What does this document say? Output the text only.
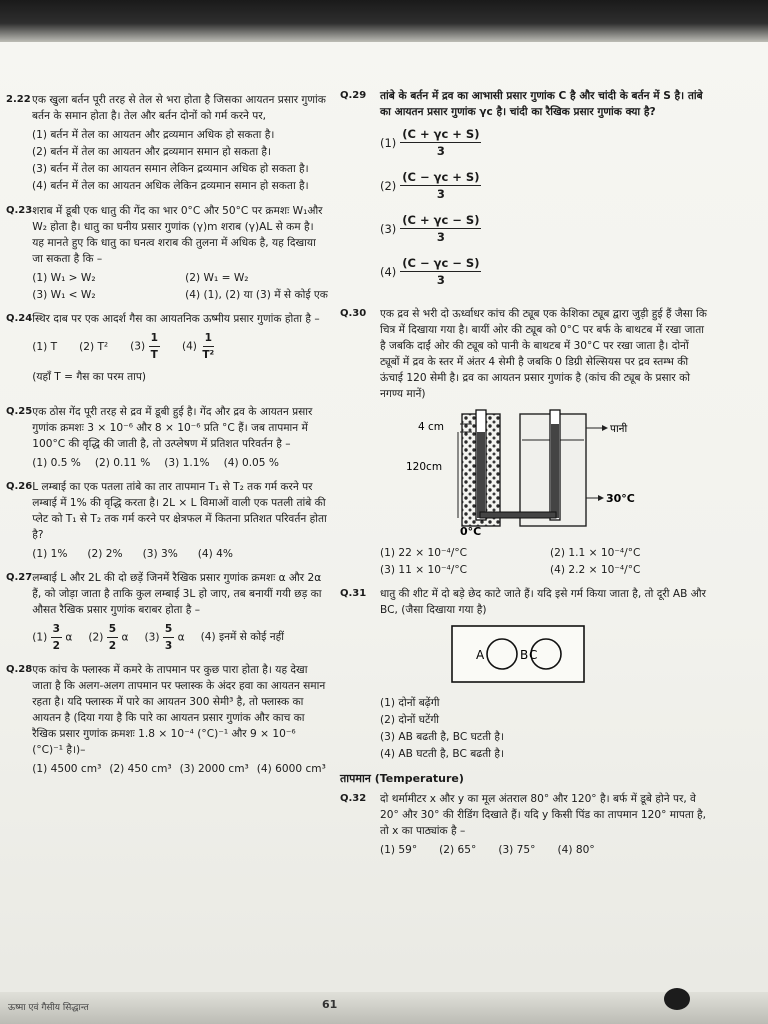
2.22 एक खुला बर्तन पूरी तरह से तेल से भरा होता है जिसका आयतन प्रसार गुणांक बर्तन के समान होता है। तेल और बर्तन दोनों को गर्म करने पर,

(1) बर्तन में तेल का आयतन और द्रव्यमान अधिक हो सकता है।

(2) बर्तन में तेल का आयतन और द्रव्यमान समान हो सकता है।

(3) बर्तन में तेल का आयतन समान लेकिन द्रव्यमान अधिक हो सकता है।

(4) बर्तन में तेल का आयतन अधिक लेकिन द्रव्यमान समान हो सकता है।

Q.23 शराब में डूबी एक धातु की गेंद का भार 0°C और 50°C पर क्रमशः W₁और W₂ होता है। धातु का घनीय प्रसार गुणांक (γ)m शराब (γ)AL से कम है। यह मानते हुए कि धातु का घनत्व शराब की तुलना में अधिक है, यह दिखाया जा सकता है कि –

(1) W₁ > W₂	(2) W₁ = W₂
(3) W₁ < W₂	(4) (1), (2) या (3) में से कोई एक
Q.24 स्थिर दाब पर एक आदर्श गैस का आयतनिक ऊष्मीय प्रसार गुणांक होता है –

(1) T (2) T² $(3) \frac{1}{T} (4) \frac{1}{\text{T²}}$

(यहाँ T = गैस का परम ताप)

Q.25 एक ठोस गेंद पूरी तरह से द्रव में डूबी हुई है। गेंद और द्रव के आयतन प्रसार गुणांक क्रमशः 3 × 10⁻⁶ और 8 × 10⁻⁶ प्रति °C हैं। जब तापमान में 100°C की वृद्धि की जाती है, तो उत्प्लेषण में प्रतिशत परिवर्तन है –

(1) 0.5 % (2) 0.11 % (3) 1.1% (4) 0.05 %
Q.26 L लम्बाई का एक पतला तांबे का तार तापमान T₁ से T₂ तक गर्म करने पर लम्बाई में 1% की वृद्धि करता है। 2L × L विमाओं वाली एक पतली तांबे की प्लेट को T₁ से T₂ तक गर्म करने पर क्षेत्रफल में कितना प्रतिशत परिवर्तन होता है?

(1) 1% (2) 2% (3) 3% (4) 4%
Q.27 लम्बाई L और 2L की दो छड़ें जिनमें रैखिक प्रसार गुणांक क्रमशः α और 2α हैं, को जोड़ा जाता है ताकि कुल लम्बाई 3L हो जाए, तब बनायीं गयी छड़ का औसत रैखिक प्रसार गुणांक बराबर होता है –

$(1) \frac{3}{2}$ α $(2) \frac{5}{2}$ α $(3) \frac{5}{3}$ α (4) इनमें से कोई नहीं
Q.28 एक कांच के फ्लास्क में कमरे के तापमान पर कुछ पारा होता है। यह देखा जाता है कि अलग-अलग तापमान पर फ्लास्क के अंदर हवा का आयतन समान रहता है। यदि फ्लास्क में पारे का आयतन 300 सेमी³ है, तो फ्लास्क का आयतन है (दिया गया है कि पारे का आयतन प्रसार गुणांक और काच का रैखिक प्रसार गुणांक क्रमशः 1.8 × 10⁻⁴ (°C)⁻¹ और 9 × 10⁻⁶ (°C)⁻¹ है।)–

(1) 4500 cm³ (2) 450 cm³ (3) 2000 cm³ (4) 6000 cm³
Q.29	तांबे के बर्तन में द्रव का आभासी प्रसार गुणांक C है और चांदी के बर्तन में S है। तांबे का आयतन प्रसार गुणांक γc है। चांदी का रैखिक प्रसार गुणांक क्या है?

$(1) \frac{(C + \gamma c + S)}{3}$
$(2) \frac{(C - \gamma c + S)}{3}$
$(3) \frac{(C + \gamma c - S)}{3}$
$(4) \frac{(C - \gamma c - S)}{3}$
Q.30	एक द्रव से भरी दो ऊर्ध्वाधर कांच की ट्यूब एक केशिका ट्यूब द्वारा जुड़ी हुई हैं जैसा कि चित्र में दिखाया गया है। बायीं ओर की ट्यूब को 0°C पर बर्फ के बाथटब में रखा जाता है जबकि दाईं ओर की ट्यूब को पानी के बाथटब में 30°C पर रखा जाता है। दोनों ट्यूबों में द्रव के स्तर में अंतर 4 सेमी है जबकि 0 डिग्री सेल्सियस पर द्रव स्तम्भ की ऊंचाई 120 सेमी है। द्रव का आयतन प्रसार गुणांक है (कांच की ट्यूब के प्रसार को नगण्य मानें)

4 cm
120cm
पानी
30°C
0°C
(1) 22 × 10⁻⁴/°C	(2) 1.1 × 10⁻⁴/°C
(3) 11 × 10⁻⁴/°C	(4) 2.2 × 10⁻⁴/°C
Q.31	धातु की शीट में दो बड़े छेद काटे जाते हैं। यदि इसे गर्म किया जाता है, तो दूरी AB और BC, (जैसा दिखाया गया है)

A	B C

(1) दोनों बढ़ेंगी

(2) दोनों घटेंगी

(3) AB बढती है, BC घटती है।

(4) AB घटती है, BC बढती है।

तापमान (Temperature)
Q.32	दो थर्मामीटर x और y का मूल अंतराल 80° और 120° है। बर्फ में डूबे होने पर, वे 20° और 30° की रीडिंग दिखाते हैं। यदि y किसी पिंड का तापमान 120° मापता है, तो x का पाठ्यांक है –

(1) 59° (2) 65° (3) 75° (4) 80°
ऊष्मा एवं गैसीय सिद्धान्त	61
